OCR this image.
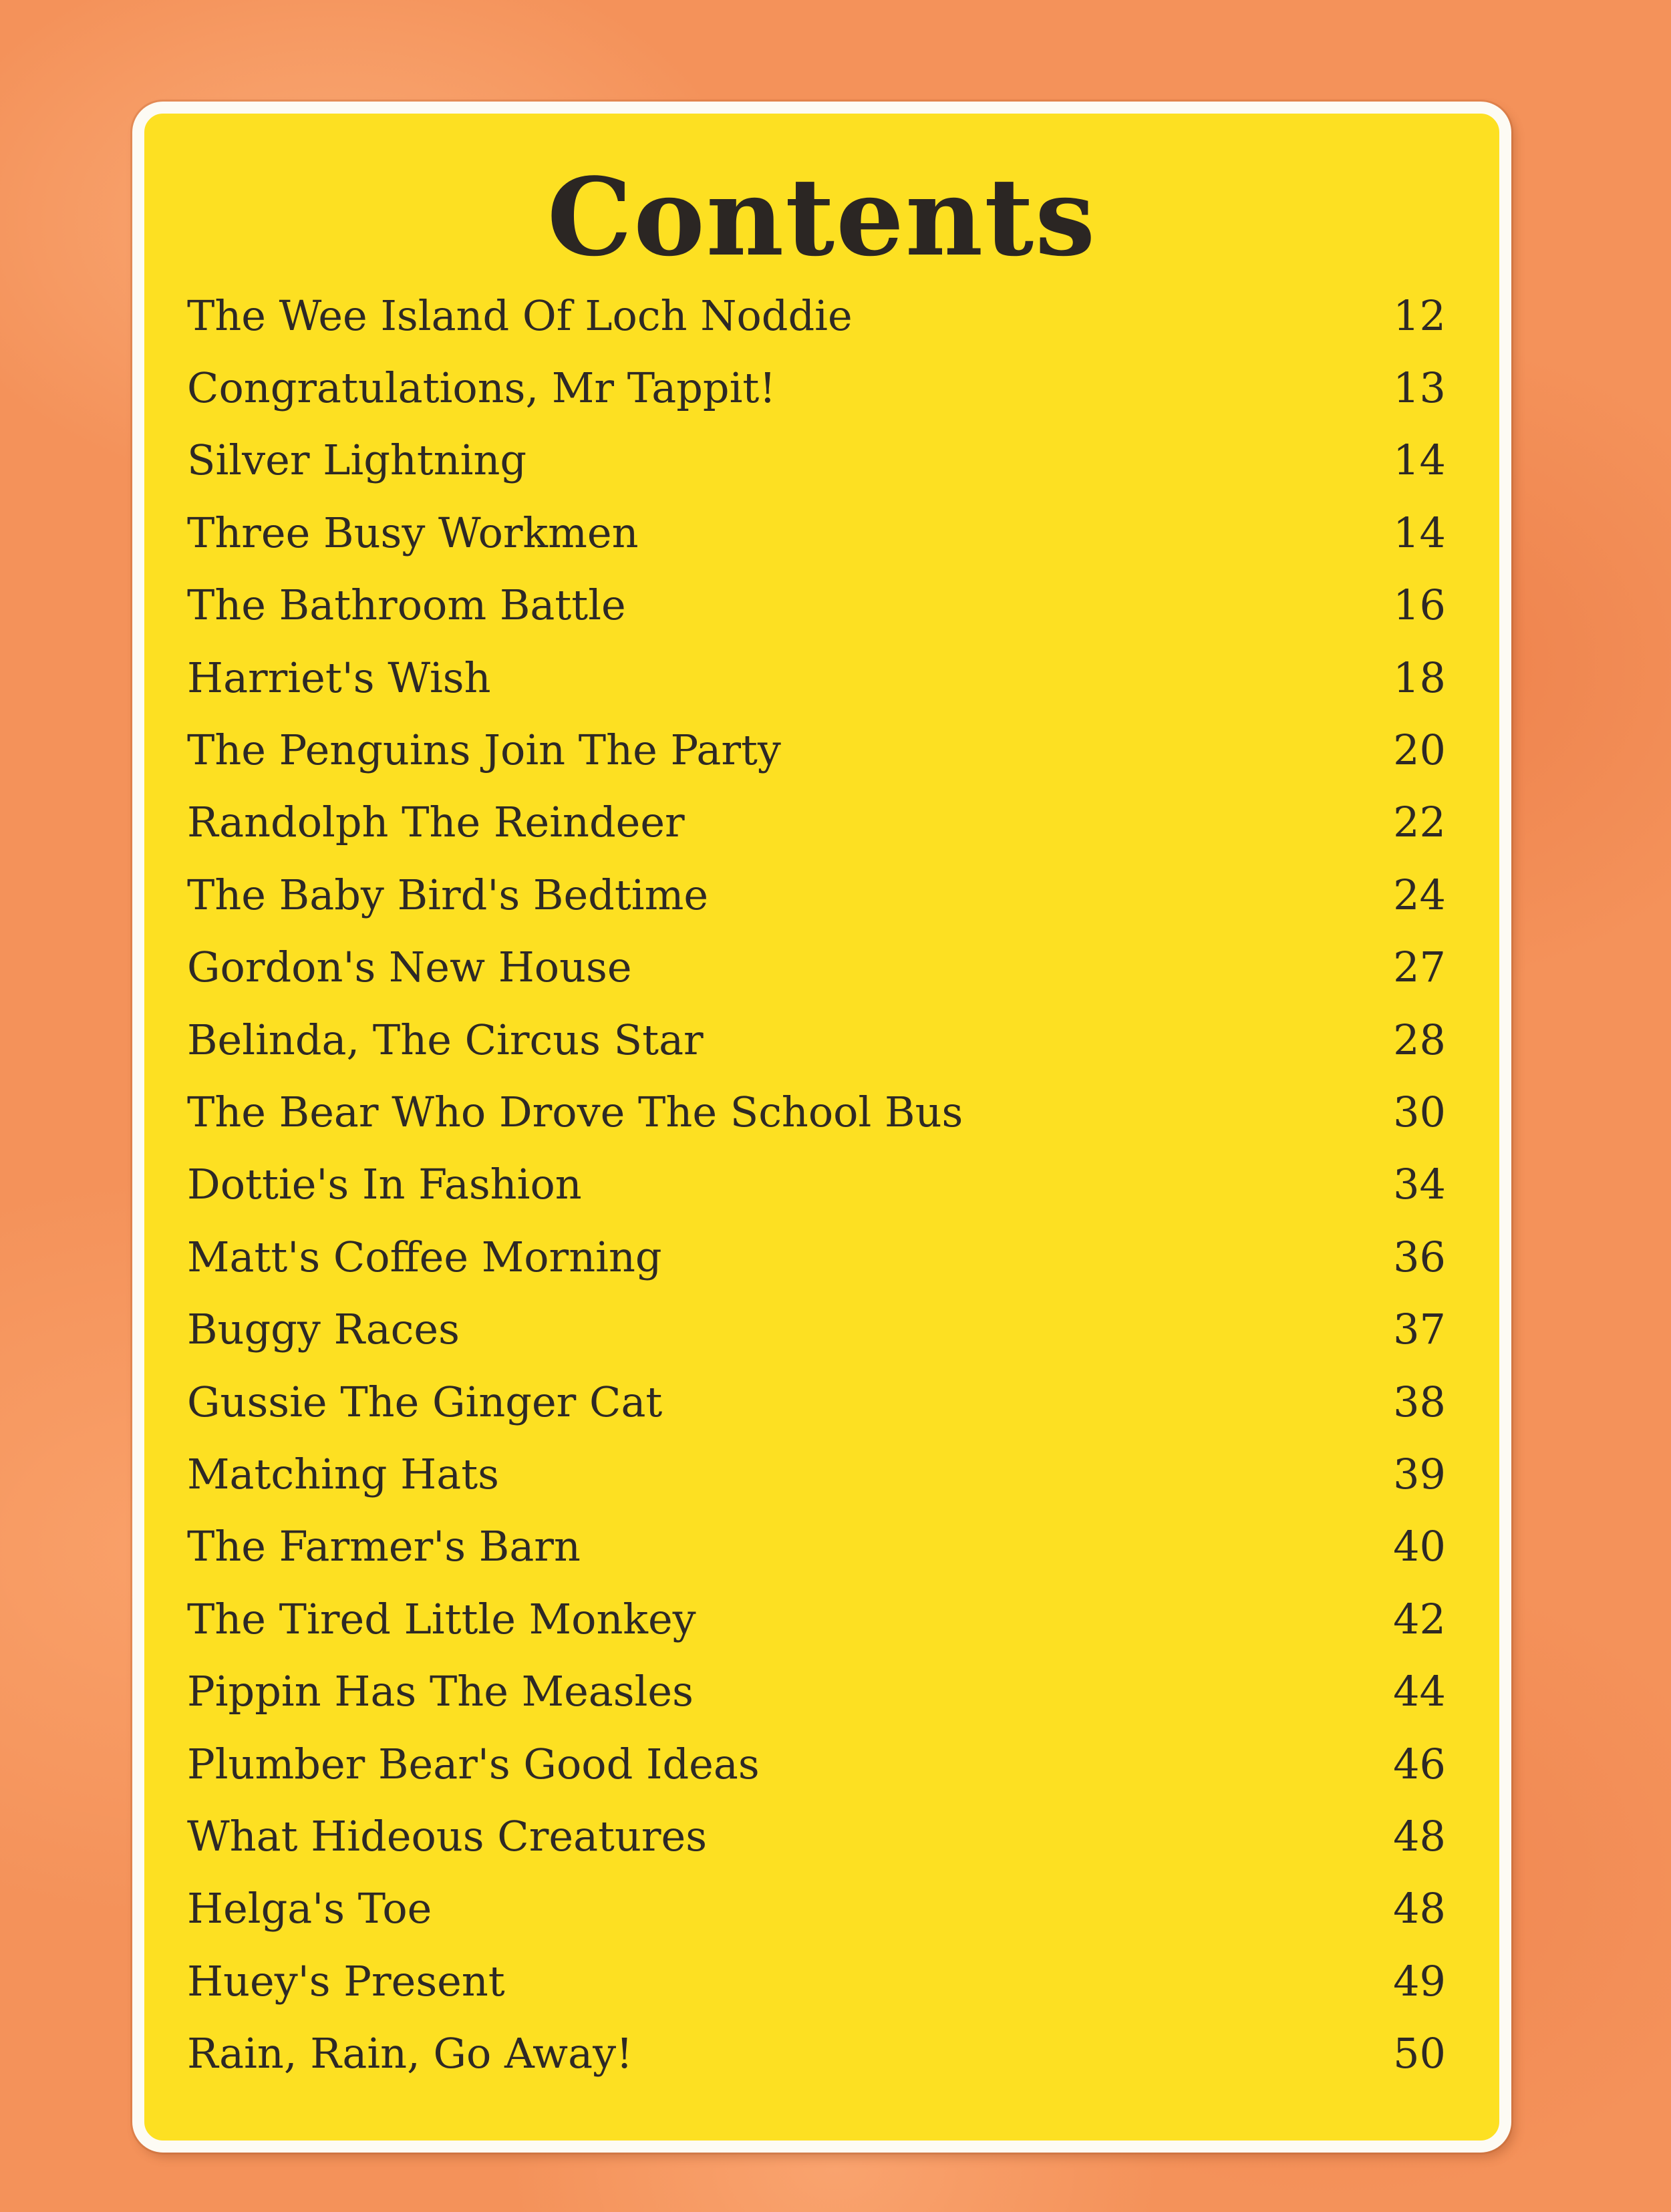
Contents
The Wee Island Of Loch Noddie	12
Congratulations, Mr Tappit!	13
Silver Lightning	14
Three Busy Workmen	14
The Bathroom Battle	16
Harriet's Wish	18
The Penguins Join The Party	20
Randolph The Reindeer	22
The Baby Bird's Bedtime	24
Gordon's New House	27
Belinda, The Circus Star	28
The Bear Who Drove The School Bus	30
Dottie's In Fashion	34
Matt's Coffee Morning	36
Buggy Races	37
Gussie The Ginger Cat	38
Matching Hats	39
The Farmer's Barn	40
The Tired Little Monkey	42
Pippin Has The Measles	44
Plumber Bear's Good Ideas	46
What Hideous Creatures	48
Helga's Toe	48
Huey's Present	49
Rain, Rain, Go Away!	50
